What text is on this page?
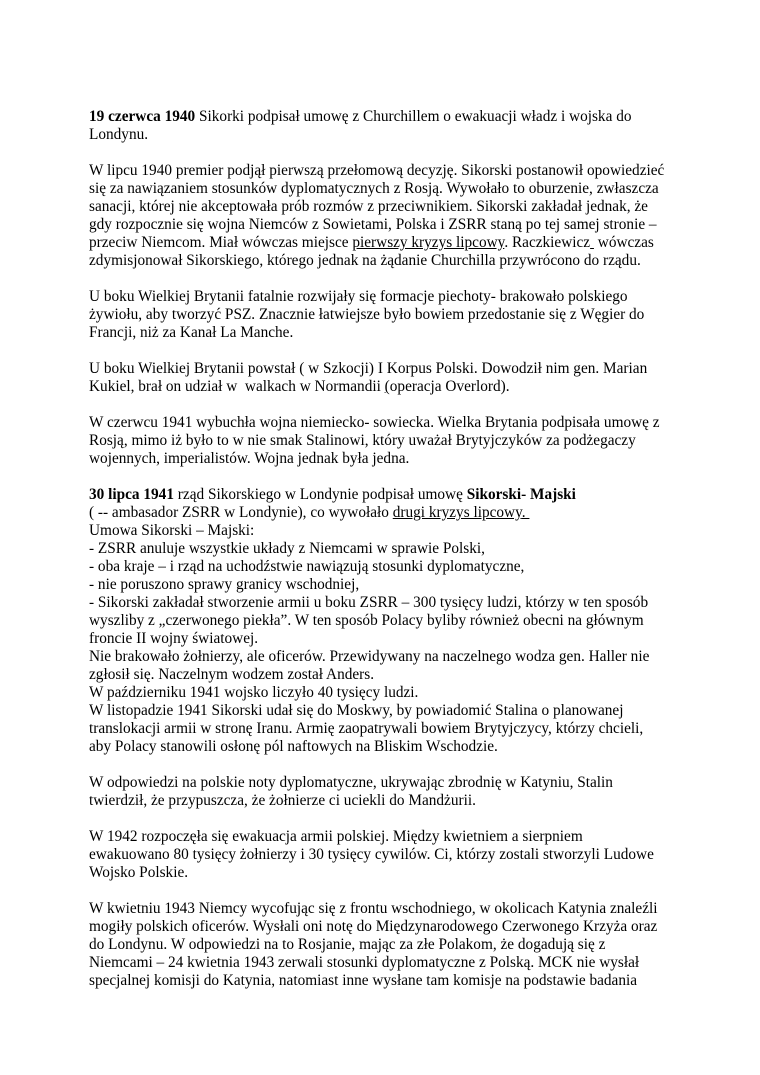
19 czerwca 1940 Sikorki podpisał umowę z Churchillem o ewakuacji władz i wojska do
Londynu.

W lipcu 1940 premier podjął pierwszą przełomową decyzję. Sikorski postanowił opowiedzieć
się za nawiązaniem stosunków dyplomatycznych z Rosją. Wywołało to oburzenie, zwłaszcza
sanacji, której nie akceptowała prób rozmów z przeciwnikiem. Sikorski zakładał jednak, że
gdy rozpocznie się wojna Niemców z Sowietami, Polska i ZSRR staną po tej samej stronie –
przeciw Niemcom. Miał wówczas miejsce pierwszy kryzys lipcowy. Raczkiewicz wówczas
zdymisjonował Sikorskiego, którego jednak na żądanie Churchilla przywrócono do rządu.

U boku Wielkiej Brytanii fatalnie rozwijały się formacje piechoty- brakowało polskiego
żywiołu, aby tworzyć PSZ. Znacznie łatwiejsze było bowiem przedostanie się z Węgier do
Francji, niż za Kanał La Manche.

U boku Wielkiej Brytanii powstał ( w Szkocji) I Korpus Polski. Dowodził nim gen. Marian
Kukiel, brał on udział w  walkach w Normandii (operacja Overlord).

W czerwcu 1941 wybuchła wojna niemiecko- sowiecka. Wielka Brytania podpisała umowę z
Rosją, mimo iż było to w nie smak Stalinowi, który uważał Brytyjczyków za podżegaczy
wojennych, imperialistów. Wojna jednak była jedna.

30 lipca 1941 rząd Sikorskiego w Londynie podpisał umowę Sikorski- Majski
( -- ambasador ZSRR w Londynie), co wywołało drugi kryzys lipcowy.
Umowa Sikorski – Majski:
- ZSRR anuluje wszystkie układy z Niemcami w sprawie Polski,
- oba kraje – i rząd na uchodźstwie nawiązują stosunki dyplomatyczne,
- nie poruszono sprawy granicy wschodniej,
- Sikorski zakładał stworzenie armii u boku ZSRR – 300 tysięcy ludzi, którzy w ten sposób
wyszliby z „czerwonego piekła”. W ten sposób Polacy byliby również obecni na głównym
froncie II wojny światowej.
Nie brakowało żołnierzy, ale oficerów. Przewidywany na naczelnego wodza gen. Haller nie
zgłosił się. Naczelnym wodzem został Anders.
W październiku 1941 wojsko liczyło 40 tysięcy ludzi.
W listopadzie 1941 Sikorski udał się do Moskwy, by powiadomić Stalina o planowanej
translokacji armii w stronę Iranu. Armię zaopatrywali bowiem Brytyjczycy, którzy chcieli,
aby Polacy stanowili osłonę pól naftowych na Bliskim Wschodzie.

W odpowiedzi na polskie noty dyplomatyczne, ukrywając zbrodnię w Katyniu, Stalin
twierdził, że przypuszcza, że żołnierze ci uciekli do Mandżurii.

W 1942 rozpoczęła się ewakuacja armii polskiej. Między kwietniem a sierpniem
ewakuowano 80 tysięcy żołnierzy i 30 tysięcy cywilów. Ci, którzy zostali stworzyli Ludowe
Wojsko Polskie.

W kwietniu 1943 Niemcy wycofując się z frontu wschodniego, w okolicach Katynia znaleźli
mogiły polskich oficerów. Wysłali oni notę do Międzynarodowego Czerwonego Krzyża oraz
do Londynu. W odpowiedzi na to Rosjanie, mając za złe Polakom, że dogadują się z
Niemcami – 24 kwietnia 1943 zerwali stosunki dyplomatyczne z Polską. MCK nie wysłał
specjalnej komisji do Katynia, natomiast inne wysłane tam komisje na podstawie badania
